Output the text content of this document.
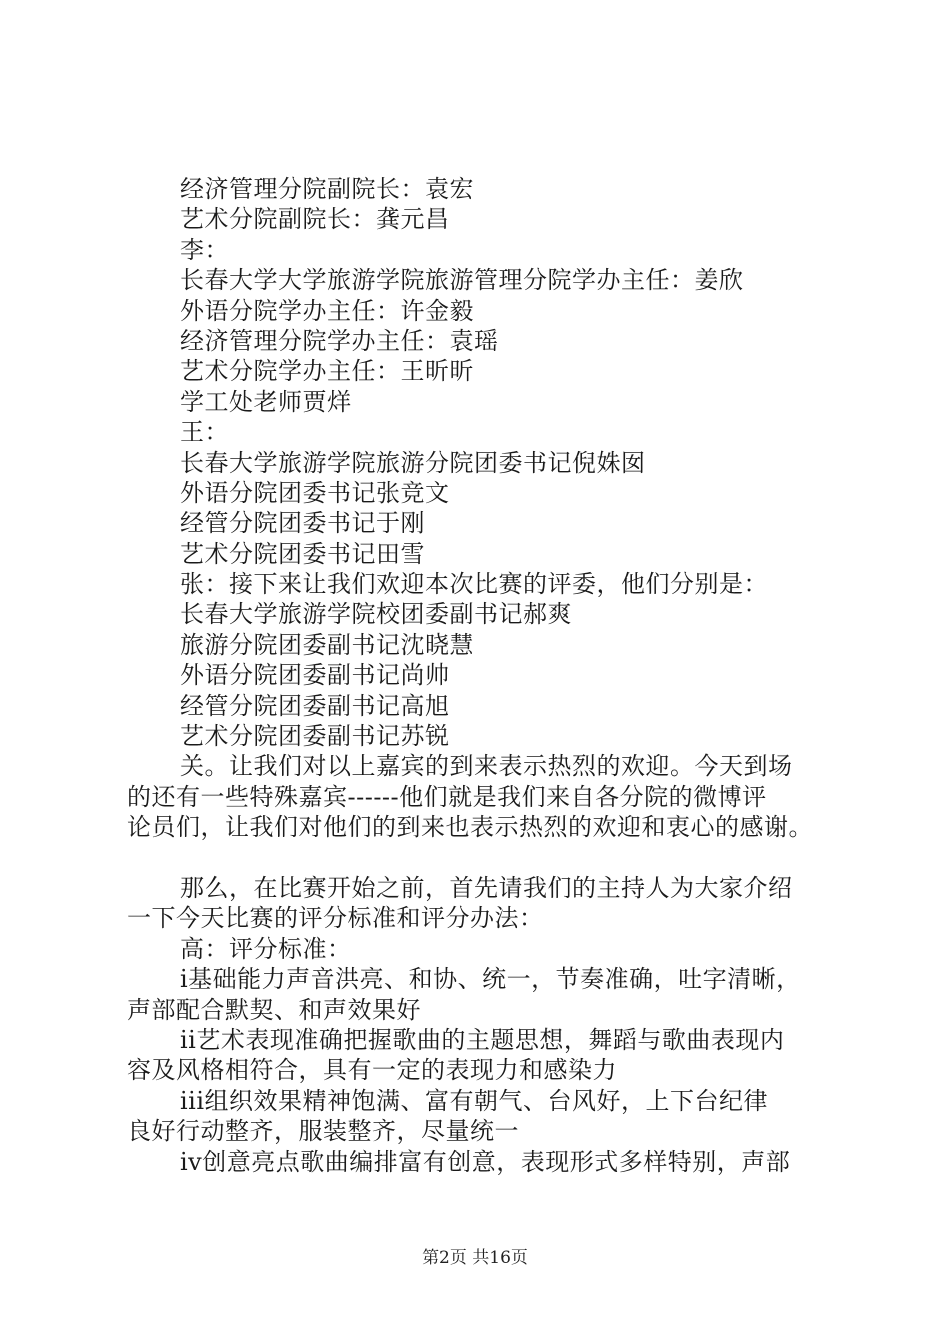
经济管理分院副院长：袁宏
艺术分院副院长：龚元昌
李：
长春大学大学旅游学院旅游管理分院学办主任：姜欣
外语分院学办主任：许金毅
经济管理分院学办主任：袁瑶
艺术分院学办主任：王昕昕
学工处老师贾烊
王：
长春大学旅游学院旅游分院团委书记倪姝囡
外语分院团委书记张竞文
经管分院团委书记于刚
艺术分院团委书记田雪
张：接下来让我们欢迎本次比赛的评委，他们分别是：
长春大学旅游学院校团委副书记郝爽
旅游分院团委副书记沈晓慧
外语分院团委副书记尚帅
经管分院团委副书记高旭
艺术分院团委副书记苏锐
关。让我们对以上嘉宾的到来表示热烈的欢迎。今天到场
的还有一些特殊嘉宾------他们就是我们来自各分院的微博评
论员们，让我们对他们的到来也表示热烈的欢迎和衷心的感谢。
那么，在比赛开始之前，首先请我们的主持人为大家介绍
一下今天比赛的评分标准和评分办法：
高：评分标准：
i基础能力声音洪亮、和协、统一，节奏准确，吐字清晰，
声部配合默契、和声效果好
ii艺术表现准确把握歌曲的主题思想，舞蹈与歌曲表现内
容及风格相符合，具有一定的表现力和感染力
iii组织效果精神饱满、富有朝气、台风好，上下台纪律
良好行动整齐，服装整齐，尽量统一
iv创意亮点歌曲编排富有创意，表现形式多样特别，声部
第2页 共16页
